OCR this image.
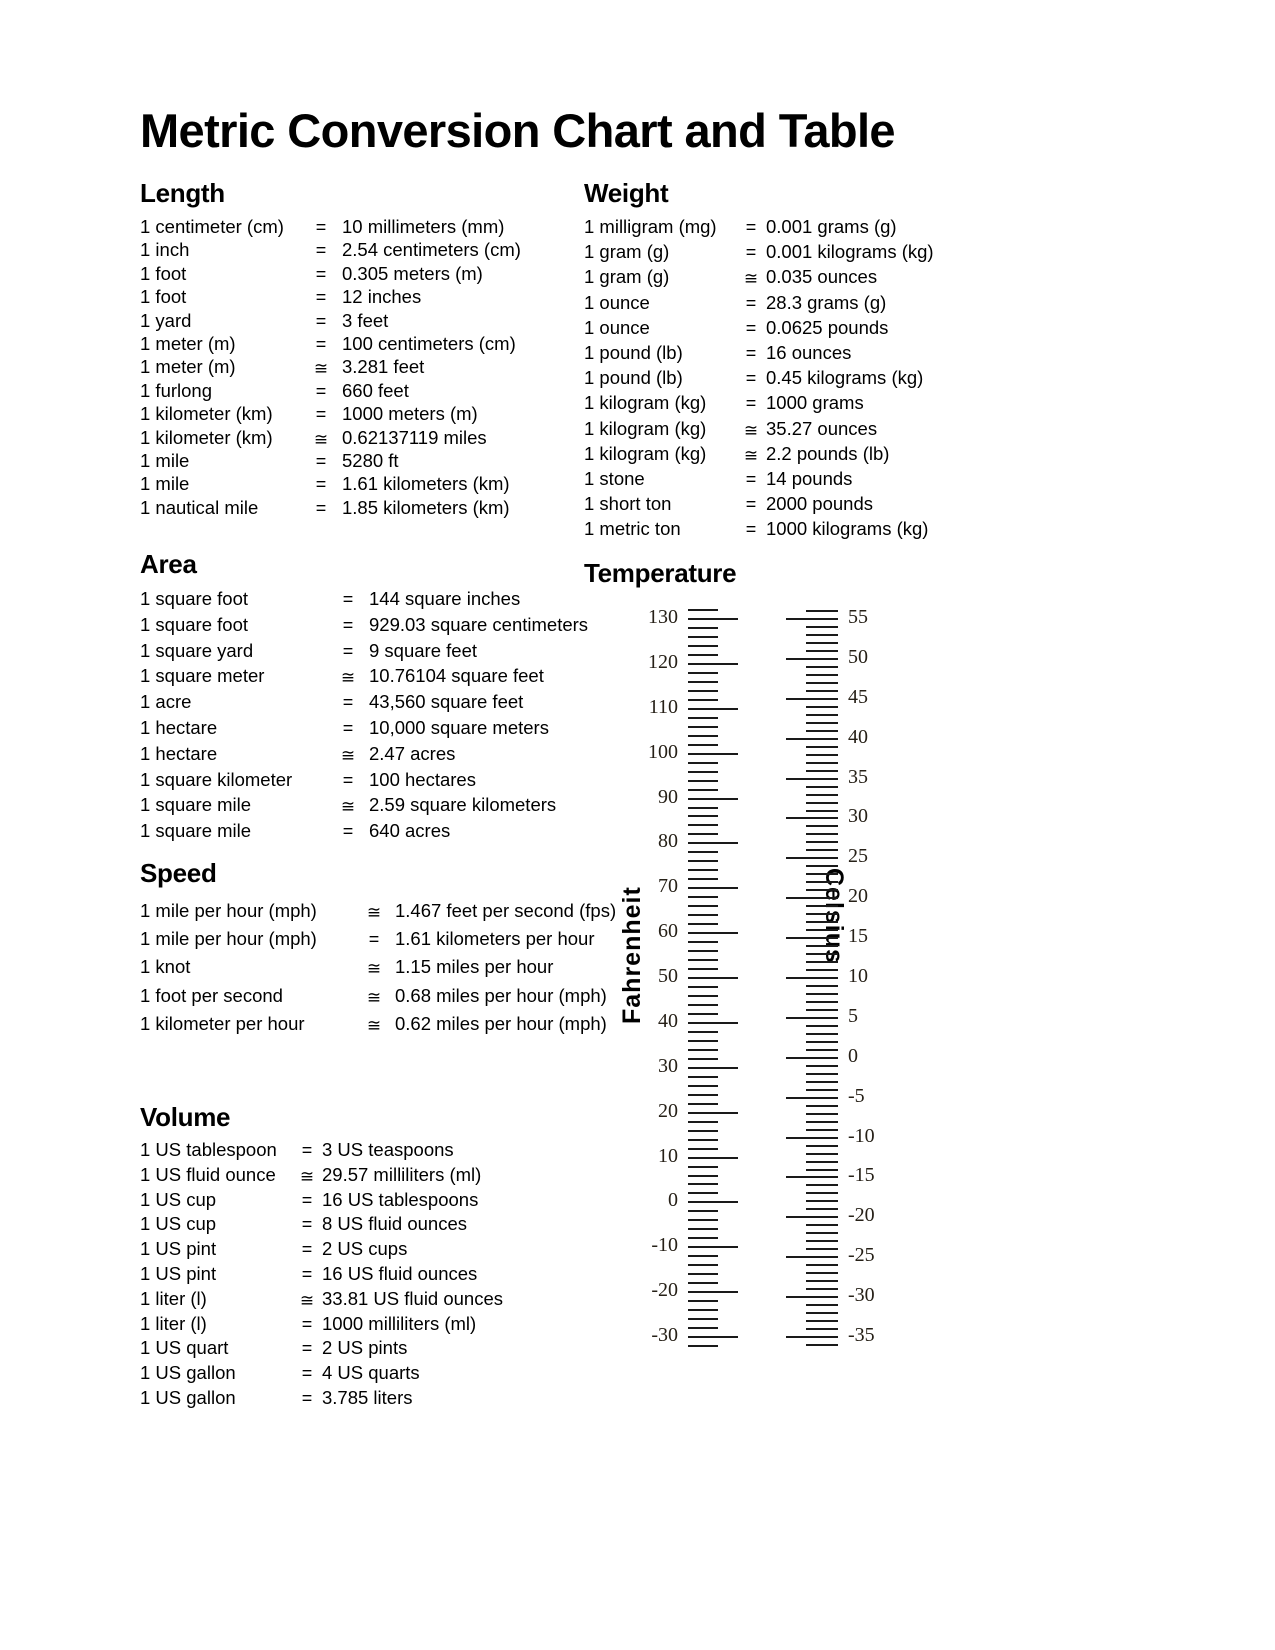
Metric Conversion Chart and Table
Length
1 centimeter (cm)	= 10 millimeters (mm)
1 inch	= 2.54 centimeters (cm)
1 foot	= 0.305 meters (m)
1 foot	= 12 inches
1 yard	= 3 feet
1 meter (m)	= 100 centimeters (cm)
1 meter (m)	≅ 3.281 feet
1 furlong	= 660 feet
1 kilometer (km)	= 1000 meters (m)
1 kilometer (km)	≅ 0.62137119 miles
1 mile	= 5280 ft
1 mile	= 1.61 kilometers (km)
1 nautical mile	= 1.85 kilometers (km)
Area
1 square foot	= 144 square inches
1 square foot	= 929.03 square centimeters
1 square yard	= 9 square feet
1 square meter	≅ 10.76104 square feet
1 acre	= 43,560 square feet
1 hectare	= 10,000 square meters
1 hectare	≅ 2.47 acres
1 square kilometer	= 100 hectares
1 square mile	≅ 2.59 square kilometers
1 square mile	= 640 acres
Speed
1 mile per hour (mph)	≅ 1.467 feet per second (fps)
1 mile per hour (mph)	= 1.61 kilometers per hour
1 knot	≅ 1.15 miles per hour
1 foot per second	≅ 0.68 miles per hour (mph)
1 kilometer per hour	≅ 0.62 miles per hour (mph)
Volume
1 US tablespoon	= 3 US teaspoons
1 US fluid ounce	≅ 29.57 milliliters (ml)
1 US cup	= 16 US tablespoons
1 US cup	= 8 US fluid ounces
1 US pint	= 2 US cups
1 US pint	= 16 US fluid ounces
1 liter (l)	≅ 33.81 US fluid ounces
1 liter (l)	= 1000 milliliters (ml)
1 US quart	= 2 US pints
1 US gallon	= 4 US quarts
1 US gallon	= 3.785 liters
Weight
1 milligram (mg)	= 0.001 grams (g)
1 gram (g)	= 0.001 kilograms (kg)
1 gram (g)	≅ 0.035 ounces
1 ounce	= 28.3 grams (g)
1 ounce	= 0.0625 pounds
1 pound (lb)	= 16 ounces
1 pound (lb)	= 0.45 kilograms (kg)
1 kilogram (kg)	= 1000 grams
1 kilogram (kg)	≅ 35.27 ounces
1 kilogram (kg)	≅ 2.2 pounds (lb)
1 stone	= 14 pounds
1 short ton	= 2000 pounds
1 metric ton	= 1000 kilograms (kg)
Temperature
Fahrenheit	Celsius
130
120
110
100
90
80
70
60
50
40
30
20
10
0
-10
-20
-30
55
50
45
40
35
30
25
20
15
10
5
0
-5
-10
-15
-20
-25
-30
-35
